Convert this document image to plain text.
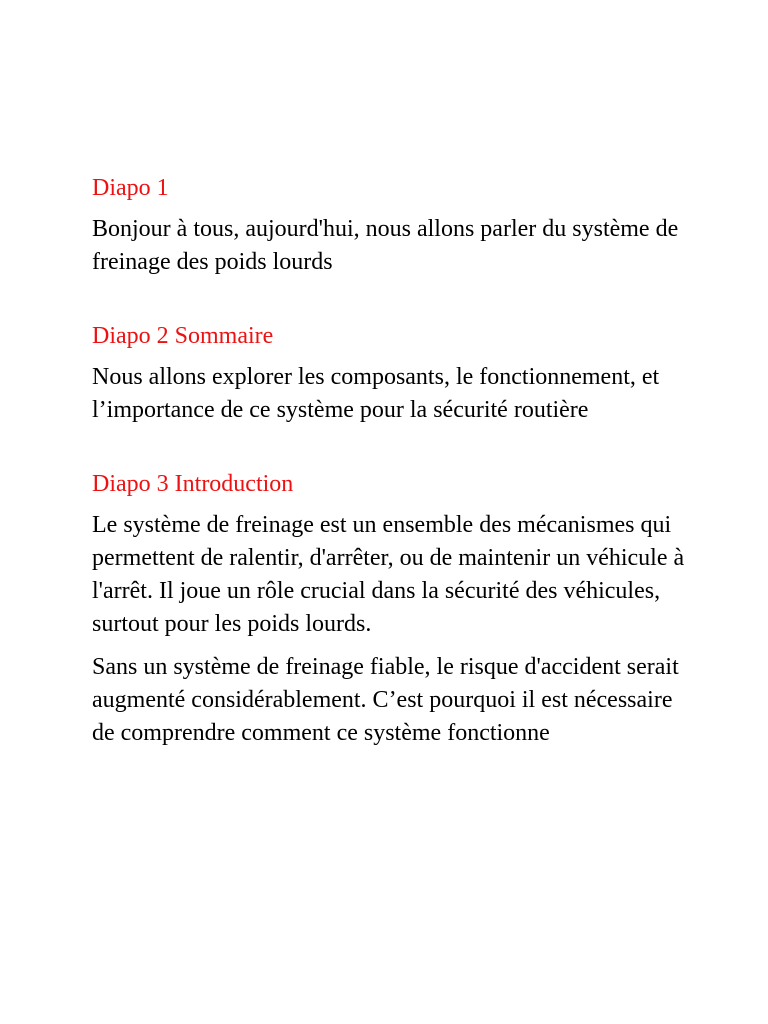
Diapo 1

Bonjour à tous, aujourd'hui, nous allons parler du système de freinage des poids lourds

Diapo 2 Sommaire

Nous allons explorer les composants, le fonctionnement, et l’importance de ce système pour la sécurité routière

Diapo 3 Introduction

Le système de freinage est un ensemble des mécanismes qui permettent de ralentir, d'arrêter, ou de maintenir un véhicule à l'arrêt. Il joue un rôle crucial dans la sécurité des véhicules, surtout pour les poids lourds.

Sans un système de freinage fiable, le risque d'accident serait augmenté considérablement. C’est pourquoi il est nécessaire de comprendre comment ce système fonctionne
